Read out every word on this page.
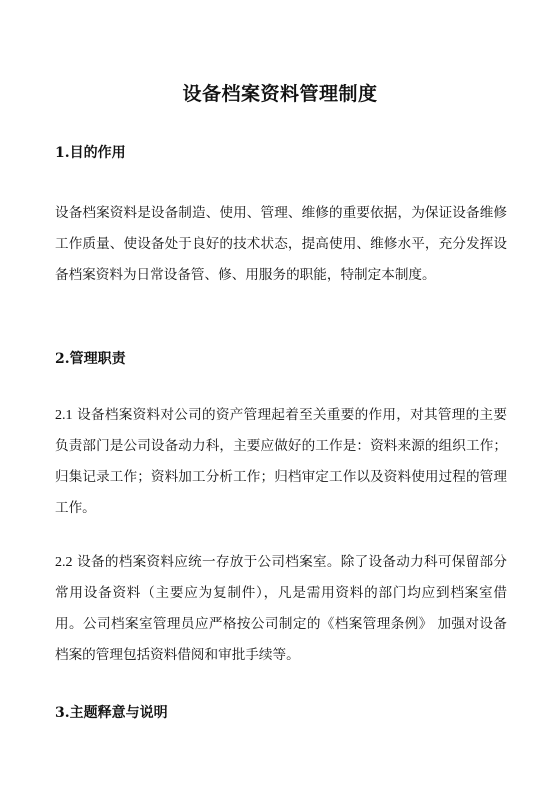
设备档案资料管理制度
1.目的作用

设备档案资料是设备制造、使用、管理、维修的重要依据，为保证设备维修工作质量、使设备处于良好的技术状态，提高使用、维修水平，充分发挥设备档案资料为日常设备管、修、用服务的职能，特制定本制度。

2.管理职责

2.1 设备档案资料对公司的资产管理起着至关重要的作用，对其管理的主要负责部门是公司设备动力科，主要应做好的工作是：资料来源的组织工作；归集记录工作；资料加工分析工作；归档审定工作以及资料使用过程的管理工作。

2.2 设备的档案资料应统一存放于公司档案室。除了设备动力科可保留部分常用设备资料（主要应为复制件），凡是需用资料的部门均应到档案室借用。公司档案室管理员应严格按公司制定的《档案管理条例》 加强对设备档案的管理包括资料借阅和审批手续等。

3.主题释意与说明
